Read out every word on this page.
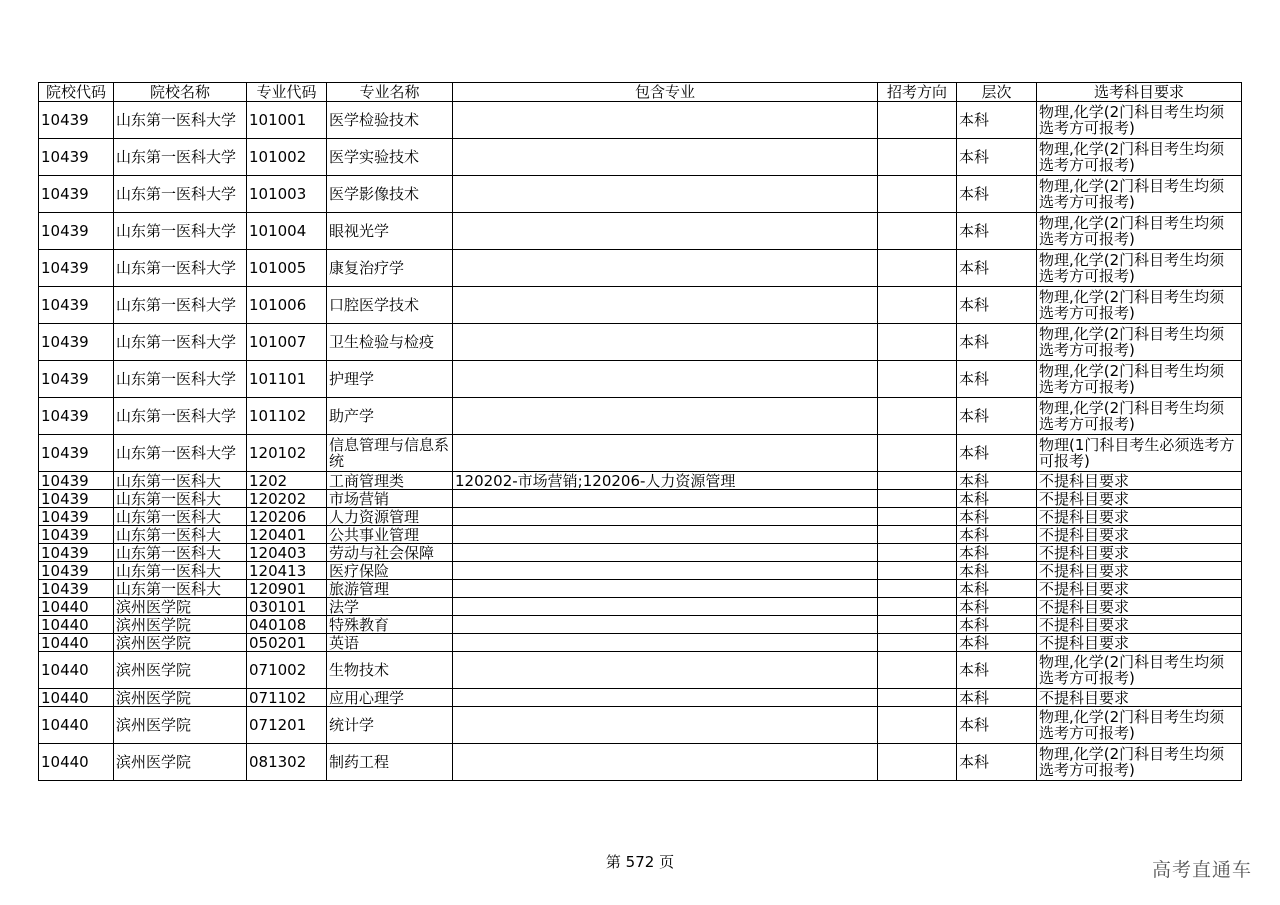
院校代码	院校名称	专业代码	专业名称	包含专业	招考方向	层次	选考科目要求
10439	山东第一医科大学	101001	医学检验技术			本科	物理,化学(2门科目考生均须选考方可报考)
10439	山东第一医科大学	101002	医学实验技术			本科	物理,化学(2门科目考生均须选考方可报考)
10439	山东第一医科大学	101003	医学影像技术			本科	物理,化学(2门科目考生均须选考方可报考)
10439	山东第一医科大学	101004	眼视光学			本科	物理,化学(2门科目考生均须选考方可报考)
10439	山东第一医科大学	101005	康复治疗学			本科	物理,化学(2门科目考生均须选考方可报考)
10439	山东第一医科大学	101006	口腔医学技术			本科	物理,化学(2门科目考生均须选考方可报考)
10439	山东第一医科大学	101007	卫生检验与检疫			本科	物理,化学(2门科目考生均须选考方可报考)
10439	山东第一医科大学	101101	护理学			本科	物理,化学(2门科目考生均须选考方可报考)
10439	山东第一医科大学	101102	助产学			本科	物理,化学(2门科目考生均须选考方可报考)
10439	山东第一医科大学	120102	信息管理与信息系统			本科	物理(1门科目考生必须选考方可报考)
10439	山东第一医科大	1202	工商管理类	120202-市场营销;120206-人力资源管理		本科	不提科目要求
10439	山东第一医科大	120202	市场营销			本科	不提科目要求
10439	山东第一医科大	120206	人力资源管理			本科	不提科目要求
10439	山东第一医科大	120401	公共事业管理			本科	不提科目要求
10439	山东第一医科大	120403	劳动与社会保障			本科	不提科目要求
10439	山东第一医科大	120413	医疗保险			本科	不提科目要求
10439	山东第一医科大	120901	旅游管理			本科	不提科目要求
10440	滨州医学院	030101	法学			本科	不提科目要求
10440	滨州医学院	040108	特殊教育			本科	不提科目要求
10440	滨州医学院	050201	英语			本科	不提科目要求
10440	滨州医学院	071002	生物技术			本科	物理,化学(2门科目考生均须选考方可报考)
10440	滨州医学院	071102	应用心理学			本科	不提科目要求
10440	滨州医学院	071201	统计学			本科	物理,化学(2门科目考生均须选考方可报考)
10440	滨州医学院	081302	制药工程			本科	物理,化学(2门科目考生均须选考方可报考)
第 572 页	高考直通车
